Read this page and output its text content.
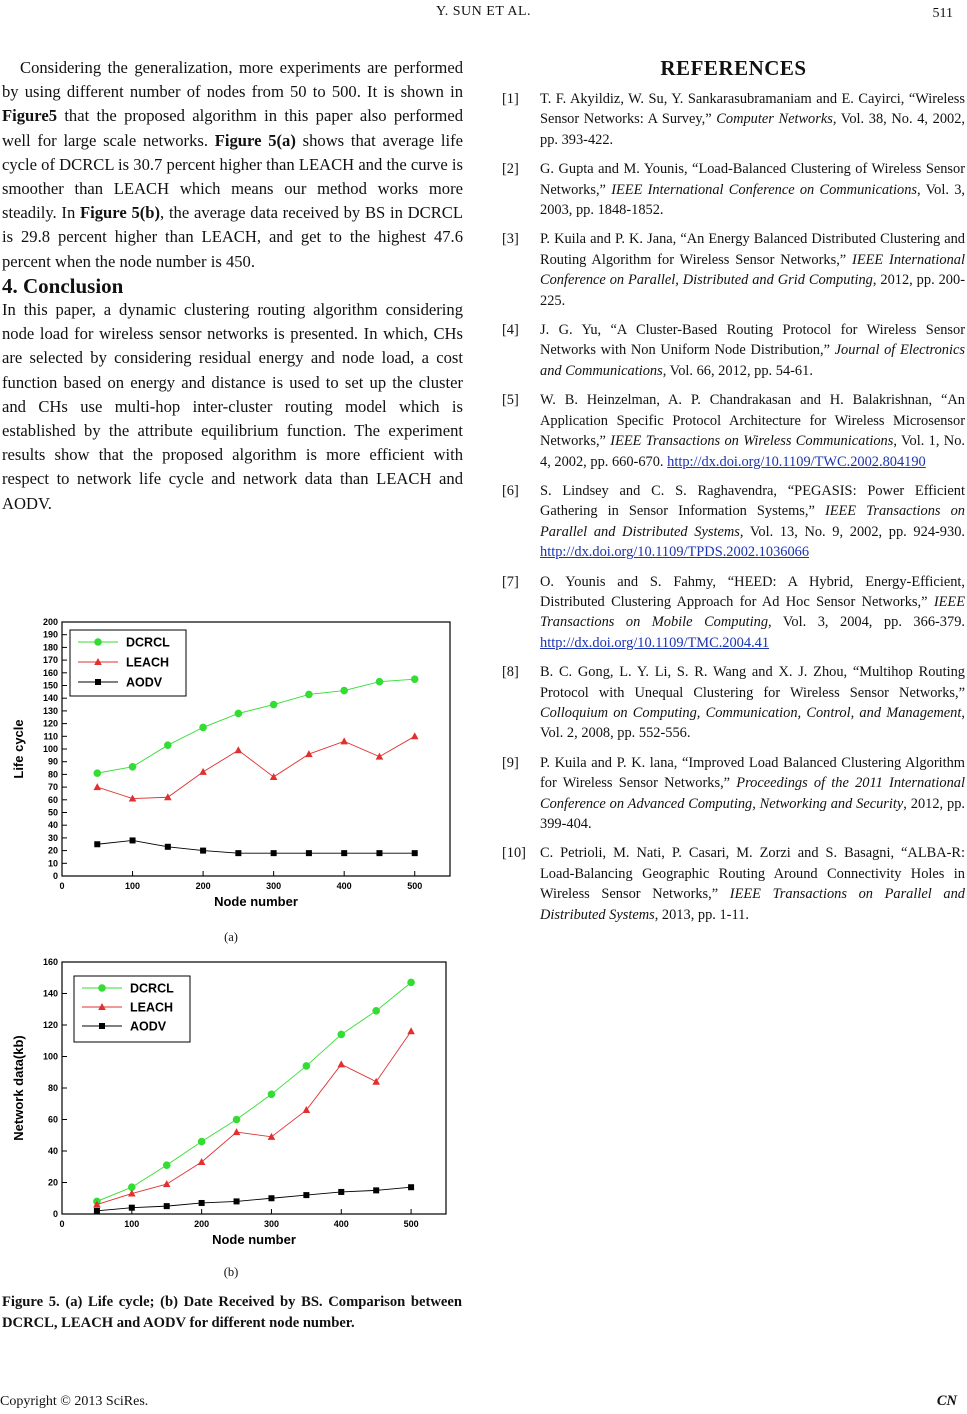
Y. SUN ET AL.	511

Considering the generalization, more experiments are performed by using different number of nodes from 50 to 500. It is shown in Figure5 that the proposed algorithm in this paper also performed well for large scale networks. Figure 5(a) shows that average life cycle of DCRCL is 30.7 percent higher than LEACH and the curve is smoother than LEACH which means our method works more steadily. In Figure 5(b), the average data received by BS in DCRCL is 29.8 percent higher than LEACH, and get to the highest 47.6 percent when the node number is 450.

4. Conclusion

In this paper, a dynamic clustering routing algorithm considering node load for wireless sensor networks is presented. In which, CHs are selected by considering residual energy and node load, a cost function based on energy and distance is used to set up the cluster and CHs use multi-hop inter-cluster routing model which is established by the attribute equilibrium function. The experiment results show that the proposed algorithm is more efficient with respect to network life cycle and network data than LEACH and AODV.

0	100	200	300	400	500
0
10
20
30
40
50
60
70
80
90
100
110
120
130
140
150
160
170
180
190
200
Node number
Life cycle
DCRCL
LEACH
AODV
(a)
0	100	200	300	400	500
0
20
40
60
80
100
120
140
160
Node number
Network data(kb)
DCRCL
LEACH
AODV
(b)
Figure 5. (a) Life cycle; (b) Date Received by BS. Comparison between DCRCL, LEACH and AODV for different node number.
REFERENCES
[1]	T. F. Akyildiz, W. Su, Y. Sankarasubramaniam and E. Cayirci, “Wireless Sensor Networks: A Survey,” Computer Networks, Vol. 38, No. 4, 2002, pp. 393-422.
[2]	G. Gupta and M. Younis, “Load-Balanced Clustering of Wireless Sensor Networks,” IEEE International Conference on Communications, Vol. 3, 2003, pp. 1848-1852.
[3]	P. Kuila and P. K. Jana, “An Energy Balanced Distributed Clustering and Routing Algorithm for Wireless Sensor Networks,” IEEE International Conference on Parallel, Distributed and Grid Computing, 2012, pp. 200-225.
[4]	J. G. Yu, “A Cluster-Based Routing Protocol for Wireless Sensor Networks with Non Uniform Node Distribution,” Journal of Electronics and Communications, Vol. 66, 2012, pp. 54-61.
[5]	W. B. Heinzelman, A. P. Chandrakasan and H. Balakrishnan, “An Application Specific Protocol Architecture for Wireless Microsensor Networks,” IEEE Transactions on Wireless Communications, Vol. 1, No. 4, 2002, pp. 660-670. http://dx.doi.org/10.1109/TWC.2002.804190
[6]	S. Lindsey and C. S. Raghavendra, “PEGASIS: Power Efficient Gathering in Sensor Information Systems,” IEEE Transactions on Parallel and Distributed Systems, Vol. 13, No. 9, 2002, pp. 924-930. http://dx.doi.org/10.1109/TPDS.2002.1036066
[7]	O. Younis and S. Fahmy, “HEED: A Hybrid, Energy-Efficient, Distributed Clustering Approach for Ad Hoc Sensor Networks,” IEEE Transactions on Mobile Computing, Vol. 3, 2004, pp. 366-379. http://dx.doi.org/10.1109/TMC.2004.41
[8]	B. C. Gong, L. Y. Li, S. R. Wang and X. J. Zhou, “Multihop Routing Protocol with Unequal Clustering for Wireless Sensor Networks,” Colloquium on Computing, Communication, Control, and Management, Vol. 2, 2008, pp. 552-556.
[9]	P. Kuila and P. K. lana, “Improved Load Balanced Clustering Algorithm for Wireless Sensor Networks,” Proceedings of the 2011 International Conference on Advanced Computing, Networking and Security, 2012, pp. 399-404.
[10] C. Petrioli, M. Nati, P. Casari, M. Zorzi and S. Basagni, “ALBA-R: Load-Balancing Geographic Routing Around Connectivity Holes in Wireless Sensor Networks,” IEEE Transactions on Parallel and Distributed Systems, 2013, pp. 1-11.
Copyright © 2013 SciRes.	CN
